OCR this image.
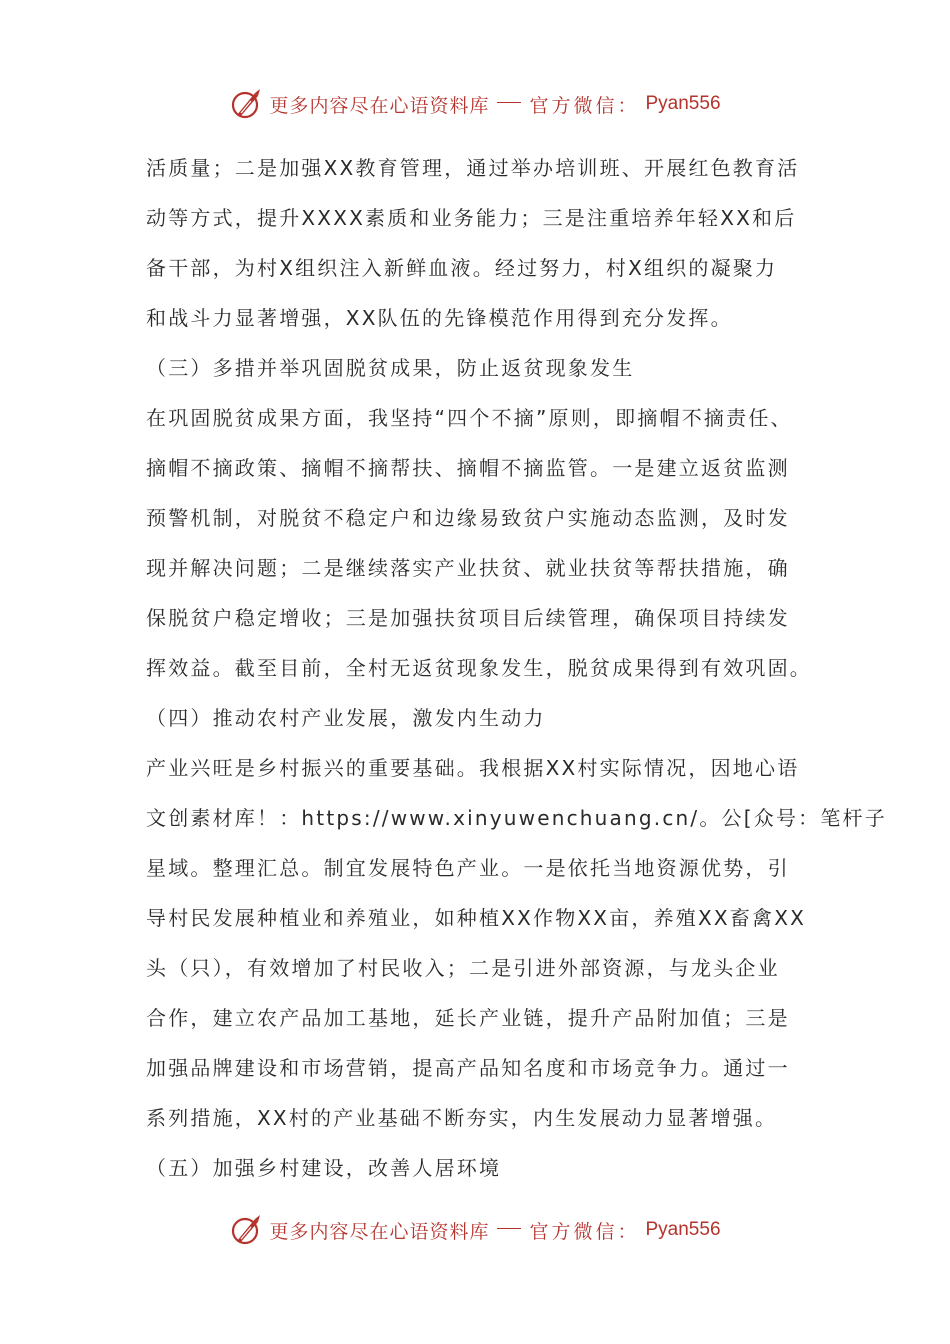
更多内容尽在心语资料库 官方微信： Pyan556
活质量；二是加强XX教育管理，通过举办培训班、开展红色教育活
动等方式，提升XXXX素质和业务能力；三是注重培养年轻XX和后
备干部，为村X组织注入新鲜血液。经过努力，村X组织的凝聚力
和战斗力显著增强，XX队伍的先锋模范作用得到充分发挥。
（三）多措并举巩固脱贫成果，防止返贫现象发生
在巩固脱贫成果方面，我坚持“四个不摘”原则，即摘帽不摘责任、
摘帽不摘政策、摘帽不摘帮扶、摘帽不摘监管。一是建立返贫监测
预警机制，对脱贫不稳定户和边缘易致贫户实施动态监测，及时发
现并解决问题；二是继续落实产业扶贫、就业扶贫等帮扶措施，确
保脱贫户稳定增收；三是加强扶贫项目后续管理，确保项目持续发
挥效益。截至目前，全村无返贫现象发生，脱贫成果得到有效巩固。
（四）推动农村产业发展，激发内生动力
产业兴旺是乡村振兴的重要基础。我根据XX村实际情况，因地心语
文创素材库！：https://www.xinyuwenchuang.cn/。公[众号：笔杆子
星域。整理汇总。制宜发展特色产业。一是依托当地资源优势，引
导村民发展种植业和养殖业，如种植XX作物XX亩，养殖XX畜禽XX
头（只），有效增加了村民收入；二是引进外部资源，与龙头企业
合作，建立农产品加工基地，延长产业链，提升产品附加值；三是
加强品牌建设和市场营销，提高产品知名度和市场竞争力。通过一
系列措施，XX村的产业基础不断夯实，内生发展动力显著增强。
（五）加强乡村建设，改善人居环境
更多内容尽在心语资料库 官方微信： Pyan556
